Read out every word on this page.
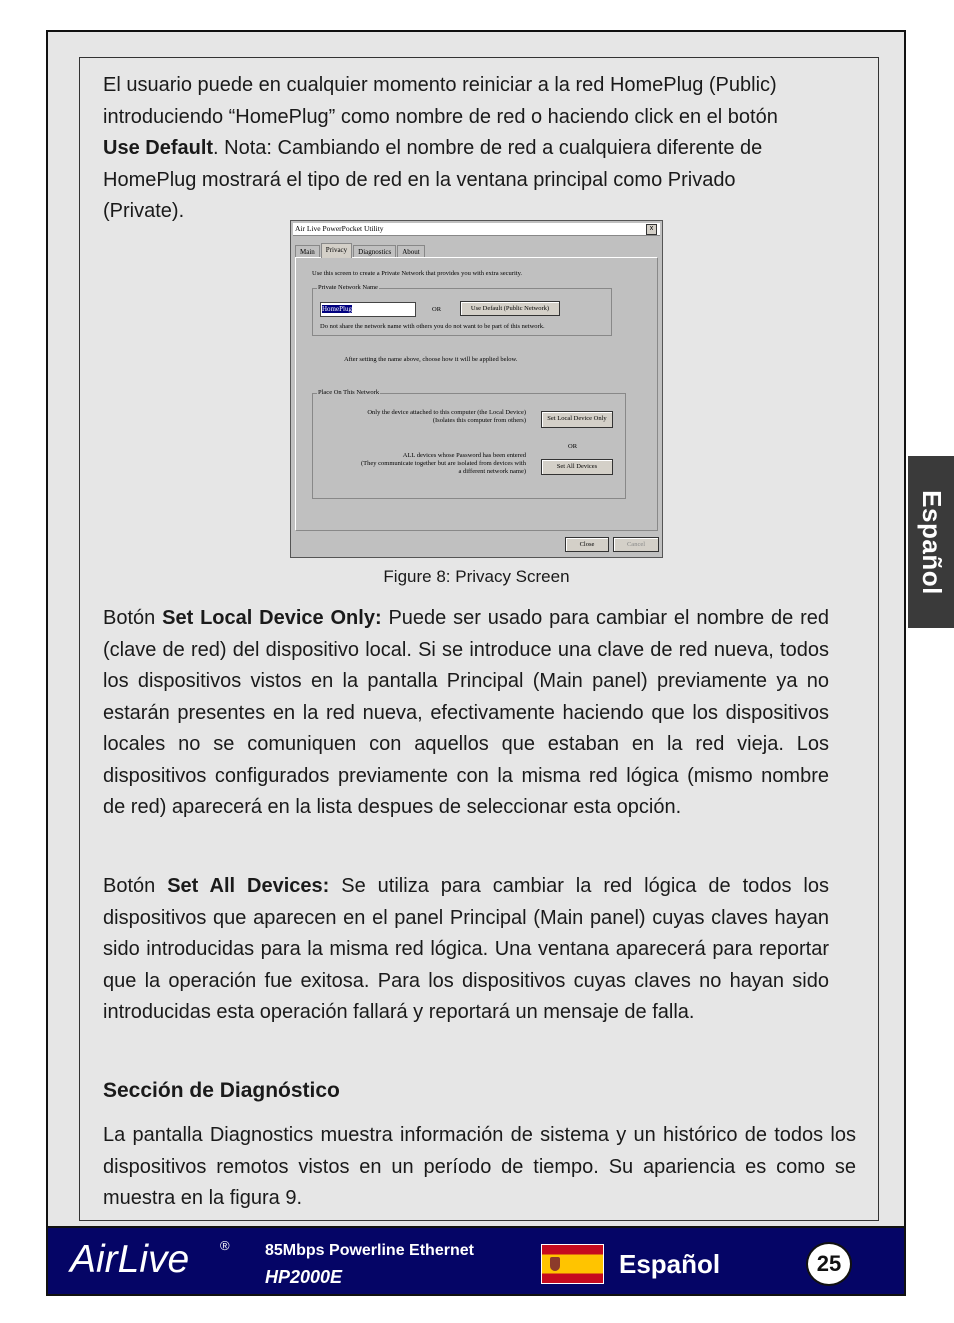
El usuario puede en cualquier momento reiniciar a la red HomePlug (Public)
introduciendo “HomePlug” como nombre de red o haciendo click en el botón
Use Default. Nota: Cambiando el nombre de red a cualquiera diferente de
HomePlug mostrará el tipo de red en la ventana principal como Privado
(Private).
Español
Air Live PowerPocket Utility	x
Main	Privacy	Diagnostics	About
Use this screen to create a Private Network that provides you with extra security.
Private Network Name
HomePlug	OR	Use Default (Public Network)
Do not share the network name with others you do not want to be part of this network.
After setting the name above, choose how it will be applied below.
Place On This Network
Only the device attached to this computer (the Local Device)
(Isolates this computer from others)	Set Local Device Only
OR
ALL devices whose Password has been entered
(They communicate together but are isolated from devices with
a different network name)
Set All Devices
Close	Cancel
Figure 8: Privacy Screen

Botón Set Local Device Only: Puede ser usado para cambiar el nombre de red (clave de red) del dispositivo local. Si se introduce una clave de red nueva, todos los dispositivos vistos en la pantalla Principal (Main panel) previamente ya no estarán presentes en la red nueva, efectivamente haciendo que los dispositivos locales no se comuniquen con aquellos que estaban en la red vieja. Los dispositivos configurados previamente con la misma red lógica (mismo nombre de red) aparecerá en la lista despues de seleccionar esta opción.

Botón Set All Devices: Se utiliza para cambiar la red lógica de todos los dispositivos que aparecen en el panel Principal (Main panel) cuyas claves hayan sido introducidas para la misma red lógica. Una ventana aparecerá para reportar que la operación fue exitosa. Para los dispositivos cuyas claves no hayan sido introducidas esta operación fallará y reportará un mensaje de falla.

Sección de Diagnóstico

La pantalla Diagnostics muestra información de sistema y un histórico de todos los dispositivos remotos vistos en un período de tiempo. Su apariencia es como se muestra en la figura 9.

AirLive ® 85Mbps Powerline Ethernet
HP2000E	Español	25
